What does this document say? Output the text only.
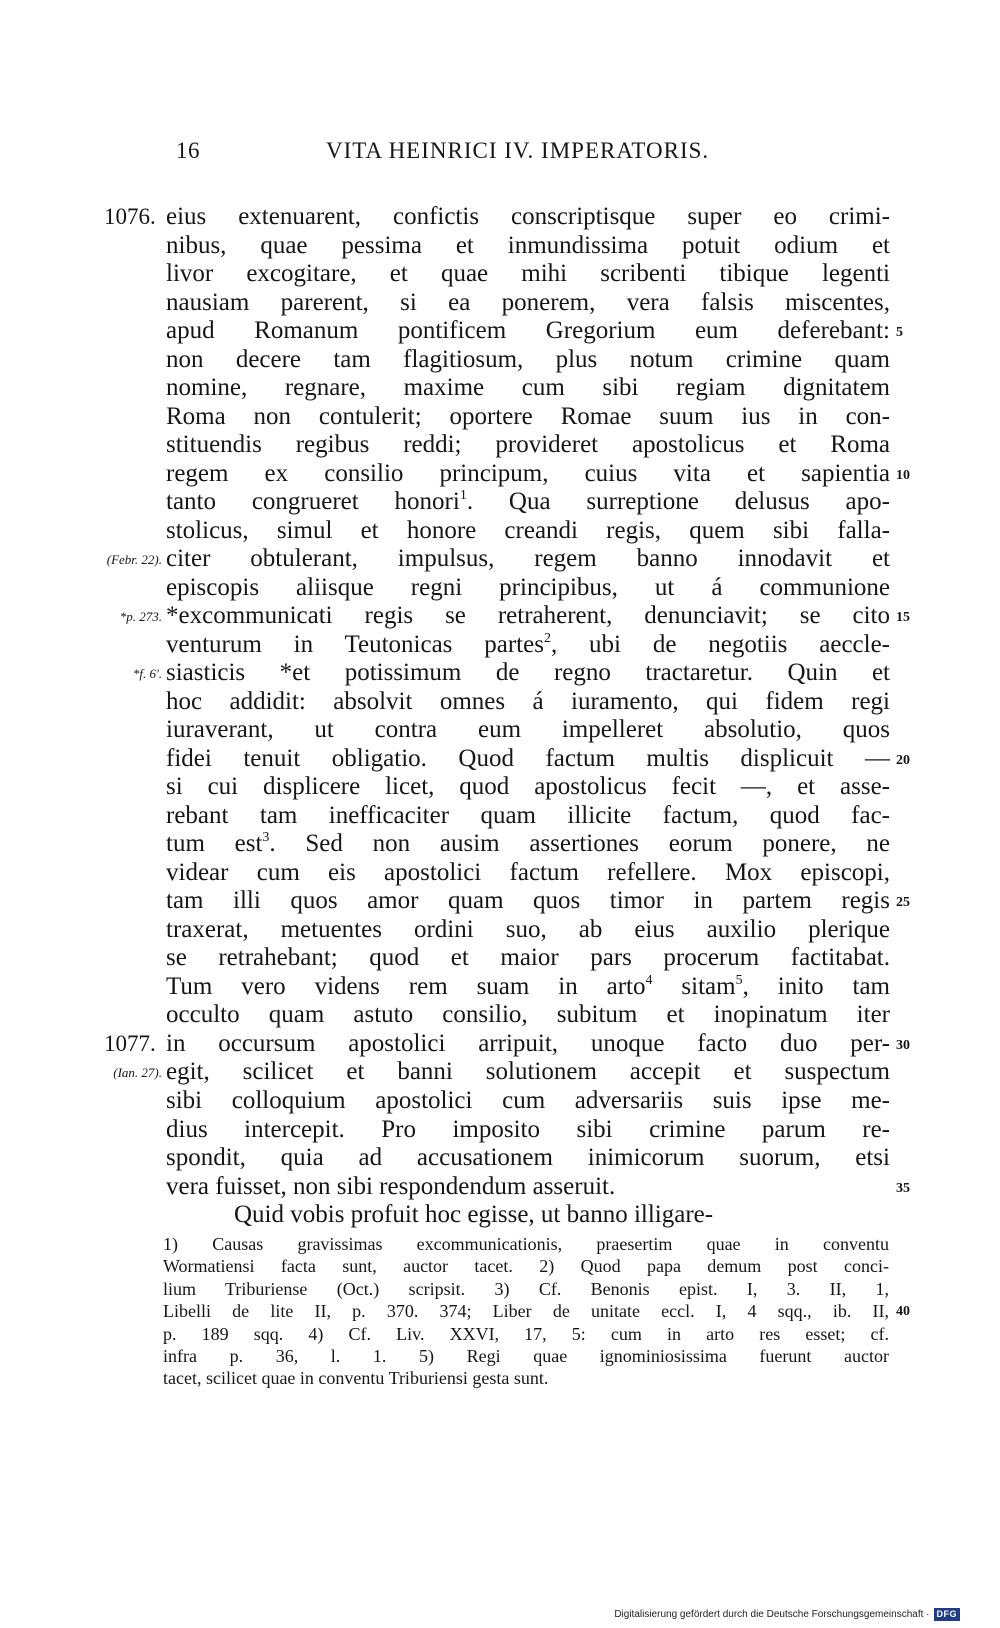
16	VITA HEINRICI IV. IMPERATORIS.
1076. eius extenuarent, confictis conscriptisque super eo crimi-
nibus, quae pessima et inmundissima potuit odium et
livor excogitare, et quae mihi scribenti tibique legenti
nausiam parerent, si ea ponerem, vera falsis miscentes,
apud Romanum pontificem Gregorium eum deferebant: 5
non decere tam flagitiosum, plus notum crimine quam
nomine, regnare, maxime cum sibi regiam dignitatem
Roma non contulerit; oportere Romae suum ius in con-
stituendis regibus reddi; provideret apostolicus et Roma
regem ex consilio principum, cuius vita et sapientia 10
tanto congrueret honori$^1$. Qua surreptione delusus apo-
stolicus, simul et honore creandi regis, quem sibi falla-
(Febr. 22). citer obtulerant, impulsus, regem banno innodavit et
episcopis aliisque regni principibus, ut á communione
*p. 273. *excommunicati regis se retraherent, denunciavit; se cito 15
venturum in Teutonicas partes$^2$, ubi de negotiis aeccle-
*f. 6'. siasticis *et potissimum de regno tractaretur. Quin et
hoc addidit: absolvit omnes á iuramento, qui fidem regi
iuraverant, ut contra eum impelleret absolutio, quos
fidei tenuit obligatio. Quod factum multis displicuit — 20
si cui displicere licet, quod apostolicus fecit —, et asse-
rebant tam inefficaciter quam illicite factum, quod fac-
tum est$^3$. Sed non ausim assertiones eorum ponere, ne
videar cum eis apostolici factum refellere. Mox episcopi,
tam illi quos amor quam quos timor in partem regis 25
traxerat, metuentes ordini suo, ab eius auxilio plerique
se retrahebant; quod et maior pars procerum factitabat.
Tum vero videns rem suam in arto$^4$ sitam$^5$, inito tam
occulto quam astuto consilio, subitum et inopinatum iter
1077. in occursum apostolici arripuit, unoque facto duo per- 30
(Ian. 27). egit, scilicet et banni solutionem accepit et suspectum
sibi colloquium apostolici cum adversariis suis ipse me-
dius intercepit. Pro imposito sibi crimine parum re-
spondit, quia ad accusationem inimicorum suorum, etsi
vera fuisset, non sibi respondendum asseruit.	35
Quid vobis profuit hoc egisse, ut banno illigare-
1) Causas gravissimas excommunicationis, praesertim quae in conventu
Wormatiensi facta sunt, auctor tacet. 2) Quod papa demum post conci-
lium Triburiense (Oct.) scripsit. 3) Cf. Benonis epist. I, 3. II, 1,
Libelli de lite II, p. 370. 374; Liber de unitate eccl. I, 4 sqq., ib. II, 40
p. 189 sqq. 4) Cf. Liv. XXVI, 17, 5: cum in arto res esset; cf.
infra p. 36, l. 1. 5) Regi quae ignominiosissima fuerunt auctor
tacet, scilicet quae in conventu Triburiensi gesta sunt.
Digitalisierung gefördert durch die Deutsche Forschungsgemeinschaft · DFG
